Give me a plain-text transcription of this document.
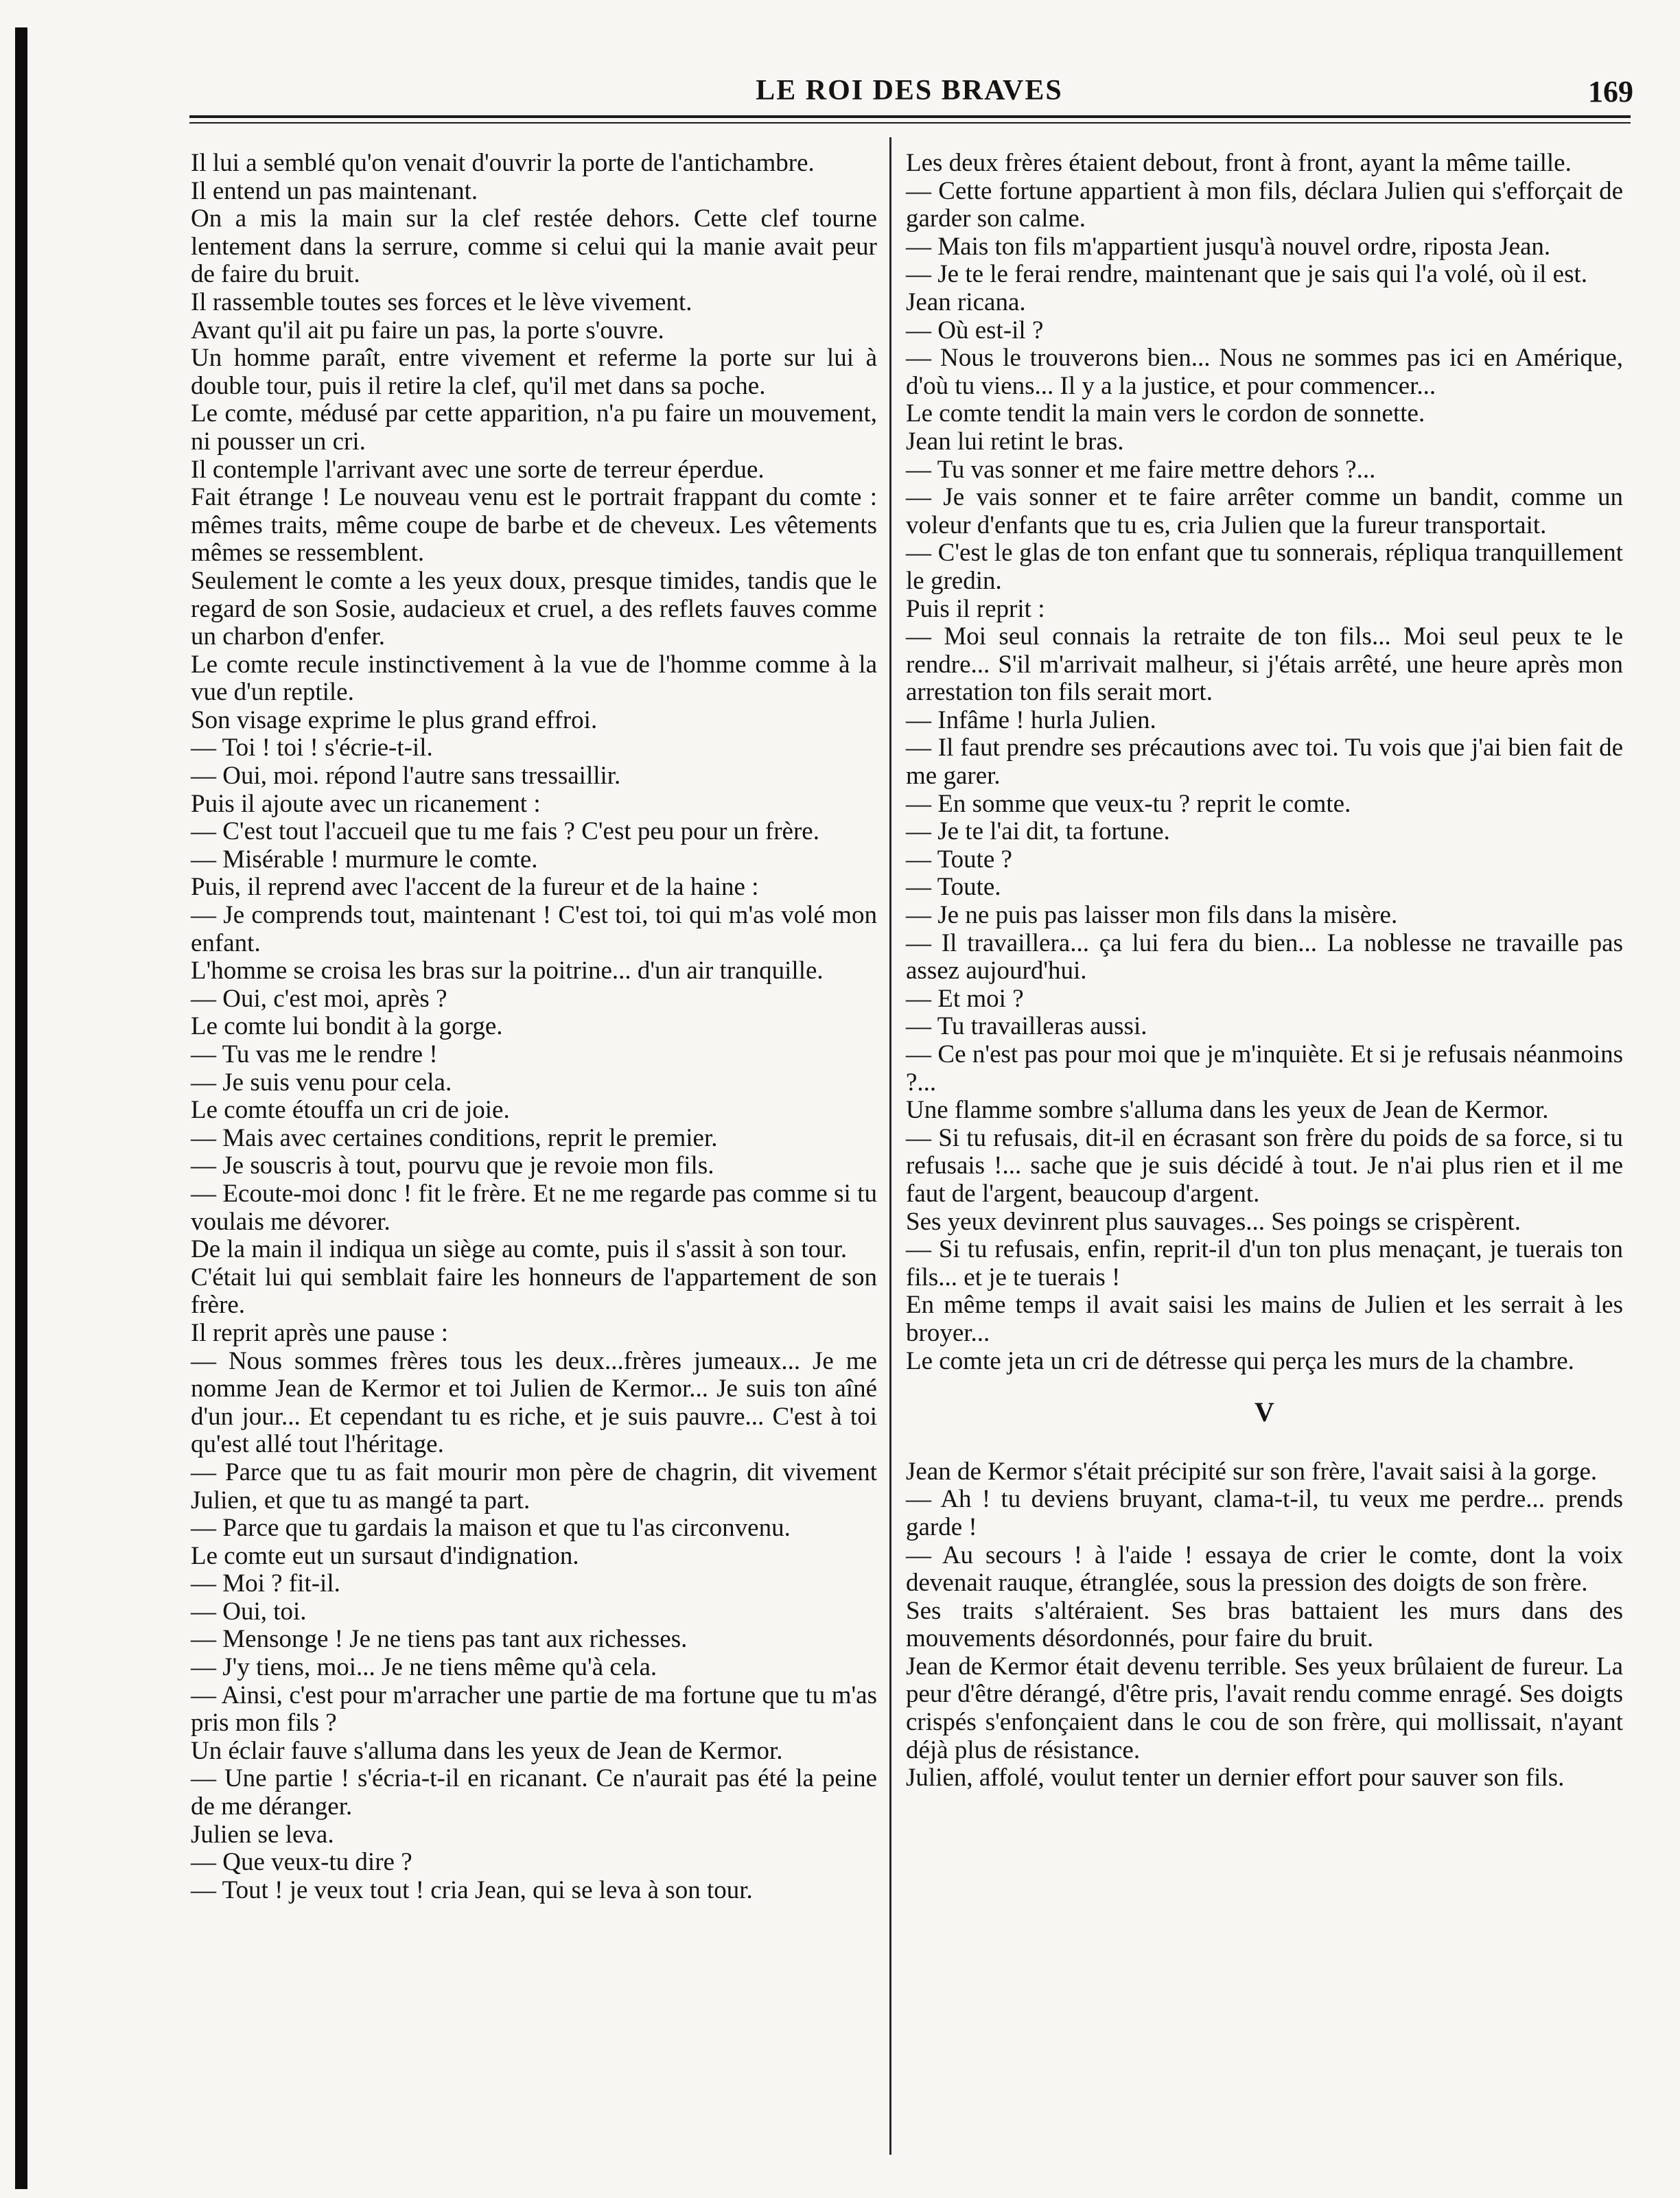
LE ROI DES BRAVES	169

Il lui a semblé qu'on venait d'ouvrir la porte de l'antichambre.

Il entend un pas maintenant.

On a mis la main sur la clef restée dehors. Cette clef tourne lentement dans la serrure, comme si celui qui la manie avait peur de faire du bruit.

Il rassemble toutes ses forces et le lève vivement.

Avant qu'il ait pu faire un pas, la porte s'ouvre.

Un homme paraît, entre vivement et referme la porte sur lui à double tour, puis il retire la clef, qu'il met dans sa poche.

Le comte, médusé par cette apparition, n'a pu faire un mouvement, ni pousser un cri.

Il contemple l'arrivant avec une sorte de terreur éperdue.

Fait étrange ! Le nouveau venu est le portrait frappant du comte : mêmes traits, même coupe de barbe et de cheveux. Les vêtements mêmes se ressemblent.

Seulement le comte a les yeux doux, presque timides, tandis que le regard de son Sosie, audacieux et cruel, a des reflets fauves comme un charbon d'enfer.

Le comte recule instinctivement à la vue de l'homme comme à la vue d'un reptile.

Son visage exprime le plus grand effroi.

— Toi ! toi ! s'écrie-t-il.

— Oui, moi. répond l'autre sans tressaillir.

Puis il ajoute avec un ricanement :

— C'est tout l'accueil que tu me fais ? C'est peu pour un frère.

— Misérable ! murmure le comte.

Puis, il reprend avec l'accent de la fureur et de la haine :

— Je comprends tout, maintenant ! C'est toi, toi qui m'as volé mon enfant.

L'homme se croisa les bras sur la poitrine... d'un air tranquille.

— Oui, c'est moi, après ?

Le comte lui bondit à la gorge.

— Tu vas me le rendre !

— Je suis venu pour cela.

Le comte étouffa un cri de joie.

— Mais avec certaines conditions, reprit le premier.

— Je souscris à tout, pourvu que je revoie mon fils.

— Ecoute-moi donc ! fit le frère. Et ne me regarde pas comme si tu voulais me dévorer.

De la main il indiqua un siège au comte, puis il s'assit à son tour.

C'était lui qui semblait faire les honneurs de l'appartement de son frère.

Il reprit après une pause :

— Nous sommes frères tous les deux...frères jumeaux... Je me nomme Jean de Kermor et toi Julien de Kermor... Je suis ton aîné d'un jour... Et cependant tu es riche, et je suis pauvre... C'est à toi qu'est allé tout l'héritage.

— Parce que tu as fait mourir mon père de chagrin, dit vivement Julien, et que tu as mangé ta part.

— Parce que tu gardais la maison et que tu l'as circonvenu.

Le comte eut un sursaut d'indignation.

— Moi ? fit-il.

— Oui, toi.

— Mensonge ! Je ne tiens pas tant aux richesses.

— J'y tiens, moi... Je ne tiens même qu'à cela.

— Ainsi, c'est pour m'arracher une partie de ma fortune que tu m'as pris mon fils ?

Un éclair fauve s'alluma dans les yeux de Jean de Kermor.

— Une partie ! s'écria-t-il en ricanant. Ce n'aurait pas été la peine de me déranger.

Julien se leva.

— Que veux-tu dire ?

— Tout ! je veux tout ! cria Jean, qui se leva à son tour.

Les deux frères étaient debout, front à front, ayant la même taille.

— Cette fortune appartient à mon fils, déclara Julien qui s'efforçait de garder son calme.

— Mais ton fils m'appartient jusqu'à nouvel ordre, riposta Jean.

— Je te le ferai rendre, maintenant que je sais qui l'a volé, où il est.

Jean ricana.

— Où est-il ?

— Nous le trouverons bien... Nous ne sommes pas ici en Amérique, d'où tu viens... Il y a la justice, et pour commencer...

Le comte tendit la main vers le cordon de sonnette.

Jean lui retint le bras.

— Tu vas sonner et me faire mettre dehors ?...

— Je vais sonner et te faire arrêter comme un bandit, comme un voleur d'enfants que tu es, cria Julien que la fureur transportait.

— C'est le glas de ton enfant que tu sonnerais, répliqua tranquillement le gredin.

Puis il reprit :

— Moi seul connais la retraite de ton fils... Moi seul peux te le rendre... S'il m'arrivait malheur, si j'étais arrêté, une heure après mon arrestation ton fils serait mort.

— Infâme ! hurla Julien.

— Il faut prendre ses précautions avec toi. Tu vois que j'ai bien fait de me garer.

— En somme que veux-tu ? reprit le comte.

— Je te l'ai dit, ta fortune.

— Toute ?

— Toute.

— Je ne puis pas laisser mon fils dans la misère.

— Il travaillera... ça lui fera du bien... La noblesse ne travaille pas assez aujourd'hui.

— Et moi ?

— Tu travailleras aussi.

— Ce n'est pas pour moi que je m'inquiète. Et si je refusais néanmoins ?...

Une flamme sombre s'alluma dans les yeux de Jean de Kermor.

— Si tu refusais, dit-il en écrasant son frère du poids de sa force, si tu refusais !... sache que je suis décidé à tout. Je n'ai plus rien et il me faut de l'argent, beaucoup d'argent.

Ses yeux devinrent plus sauvages... Ses poings se crispèrent.

— Si tu refusais, enfin, reprit-il d'un ton plus menaçant, je tuerais ton fils... et je te tuerais !

En même temps il avait saisi les mains de Julien et les serrait à les broyer...

Le comte jeta un cri de détresse qui perça les murs de la chambre.

V

Jean de Kermor s'était précipité sur son frère, l'avait saisi à la gorge.

— Ah ! tu deviens bruyant, clama-t-il, tu veux me perdre... prends garde !

— Au secours ! à l'aide ! essaya de crier le comte, dont la voix devenait rauque, étranglée, sous la pression des doigts de son frère.

Ses traits s'altéraient. Ses bras battaient les murs dans des mouvements désordonnés, pour faire du bruit.

Jean de Kermor était devenu terrible. Ses yeux brûlaient de fureur. La peur d'être dérangé, d'être pris, l'avait rendu comme enragé. Ses doigts crispés s'enfonçaient dans le cou de son frère, qui mollissait, n'ayant déjà plus de résistance.

Julien, affolé, voulut tenter un dernier effort pour sauver son fils.
